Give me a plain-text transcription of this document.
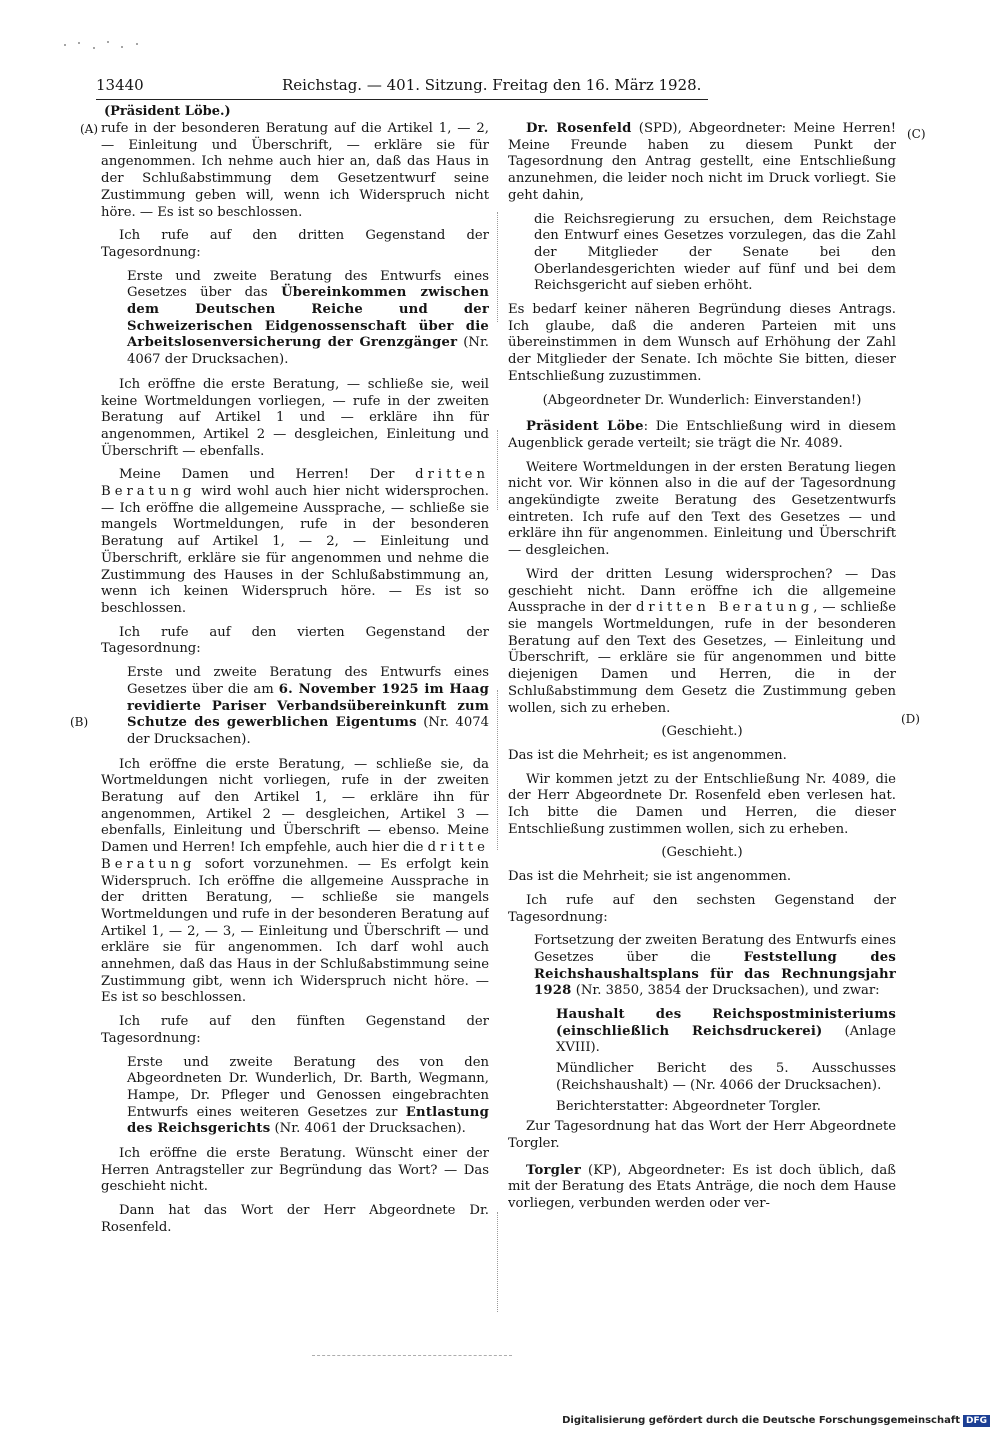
13440	Reichstag. — 401. Sitzung. Freitag den 16. März 1928.
(Präsident Löbe.)
(A)
(B)
(C)
(D)

rufe in der besonderen Beratung auf die Artikel 1, — 2, — Einleitung und Überschrift, — erkläre sie für angenommen. Ich nehme auch hier an, daß das Haus in der Schlußabstimmung dem Gesetzentwurf seine Zustimmung geben will, wenn ich Widerspruch nicht höre. — Es ist so beschlossen.

Ich rufe auf den dritten Gegenstand der Tagesordnung:

Erste und zweite Beratung des Entwurfs eines Gesetzes über das Übereinkommen zwischen dem Deutschen Reiche und der Schweizerischen Eidgenossenschaft über die Arbeitslosenversicherung der Grenzgänger (Nr. 4067 der Drucksachen).

Ich eröffne die erste Beratung, — schließe sie, weil keine Wortmeldungen vorliegen, — rufe in der zweiten Beratung auf Artikel 1 und — erkläre ihn für angenommen, Artikel 2 — desgleichen, Einleitung und Überschrift — ebenfalls.

Meine Damen und Herren! Der dritten Beratung wird wohl auch hier nicht widersprochen. — Ich eröffne die allgemeine Aussprache, — schließe sie mangels Wortmeldungen, rufe in der besonderen Beratung auf Artikel 1, — 2, — Einleitung und Überschrift, erkläre sie für angenommen und nehme die Zustimmung des Hauses in der Schlußabstimmung an, wenn ich keinen Widerspruch höre. — Es ist so beschlossen.

Ich rufe auf den vierten Gegenstand der Tagesordnung:

Erste und zweite Beratung des Entwurfs eines Gesetzes über die am 6. November 1925 im Haag revidierte Pariser Verbandsübereinkunft zum Schutze des gewerblichen Eigentums (Nr. 4074 der Drucksachen).

Ich eröffne die erste Beratung, — schließe sie, da Wortmeldungen nicht vorliegen, rufe in der zweiten Beratung auf den Artikel 1, — erkläre ihn für angenommen, Artikel 2 — desgleichen, Artikel 3 — ebenfalls, Einleitung und Überschrift — ebenso. Meine Damen und Herren! Ich empfehle, auch hier die dritte Beratung sofort vorzunehmen. — Es erfolgt kein Widerspruch. Ich eröffne die allgemeine Aussprache in der dritten Beratung, — schließe sie mangels Wortmeldungen und rufe in der besonderen Beratung auf Artikel 1, — 2, — 3, — Einleitung und Überschrift — und erkläre sie für angenommen. Ich darf wohl auch annehmen, daß das Haus in der Schlußabstimmung seine Zustimmung gibt, wenn ich Widerspruch nicht höre. — Es ist so beschlossen.

Ich rufe auf den fünften Gegenstand der Tagesordnung:

Erste und zweite Beratung des von den Abgeordneten Dr. Wunderlich, Dr. Barth, Wegmann, Hampe, Dr. Pfleger und Genossen eingebrachten Entwurfs eines weiteren Gesetzes zur Entlastung des Reichsgerichts (Nr. 4061 der Drucksachen).

Ich eröffne die erste Beratung. Wünscht einer der Herren Antragsteller zur Begründung das Wort? — Das geschieht nicht.

Dann hat das Wort der Herr Abgeordnete Dr. Rosenfeld.

Dr. Rosenfeld (SPD), Abgeordneter: Meine Herren! Meine Freunde haben zu diesem Punkt der Tagesordnung den Antrag gestellt, eine Entschließung anzunehmen, die leider noch nicht im Druck vorliegt. Sie geht dahin,

die Reichsregierung zu ersuchen, dem Reichstage den Entwurf eines Gesetzes vorzulegen, das die Zahl der Mitglieder der Senate bei den Oberlandesgerichten wieder auf fünf und bei dem Reichsgericht auf sieben erhöht.

Es bedarf keiner näheren Begründung dieses Antrags. Ich glaube, daß die anderen Parteien mit uns übereinstimmen in dem Wunsch auf Erhöhung der Zahl der Mitglieder der Senate. Ich möchte Sie bitten, dieser Entschließung zuzustimmen.

(Abgeordneter Dr. Wunderlich: Einverstanden!)

Präsident Löbe: Die Entschließung wird in diesem Augenblick gerade verteilt; sie trägt die Nr. 4089.

Weitere Wortmeldungen in der ersten Beratung liegen nicht vor. Wir können also in die auf der Tagesordnung angekündigte zweite Beratung des Gesetzentwurfs eintreten. Ich rufe auf den Text des Gesetzes — und erkläre ihn für angenommen. Einleitung und Überschrift — desgleichen.

Wird der dritten Lesung widersprochen? — Das geschieht nicht. Dann eröffne ich die allgemeine Aussprache in der dritten Beratung, — schließe sie mangels Wortmeldungen, rufe in der besonderen Beratung auf den Text des Gesetzes, — Einleitung und Überschrift, — erkläre sie für angenommen und bitte diejenigen Damen und Herren, die in der Schlußabstimmung dem Gesetz die Zustimmung geben wollen, sich zu erheben.

(Geschieht.)

Das ist die Mehrheit; es ist angenommen.

Wir kommen jetzt zu der Entschließung Nr. 4089, die der Herr Abgeordnete Dr. Rosenfeld eben verlesen hat. Ich bitte die Damen und Herren, die dieser Entschließung zustimmen wollen, sich zu erheben.

(Geschieht.)

Das ist die Mehrheit; sie ist angenommen.

Ich rufe auf den sechsten Gegenstand der Tagesordnung:

Fortsetzung der zweiten Beratung des Entwurfs eines Gesetzes über die Feststellung des Reichshaushaltsplans für das Rechnungsjahr 1928 (Nr. 3850, 3854 der Drucksachen), und zwar:

Haushalt des Reichspostministeriums (einschließlich Reichsdruckerei) (Anlage XVIII).

Mündlicher Bericht des 5. Ausschusses (Reichshaushalt) — (Nr. 4066 der Drucksachen).

Berichterstatter: Abgeordneter Torgler.

Zur Tagesordnung hat das Wort der Herr Abgeordnete Torgler.

Torgler (KP), Abgeordneter: Es ist doch üblich, daß mit der Beratung des Etats Anträge, die noch dem Hause vorliegen, verbunden werden oder ver-

Digitalisierung gefördert durch die Deutsche Forschungsgemeinschaft DFG
